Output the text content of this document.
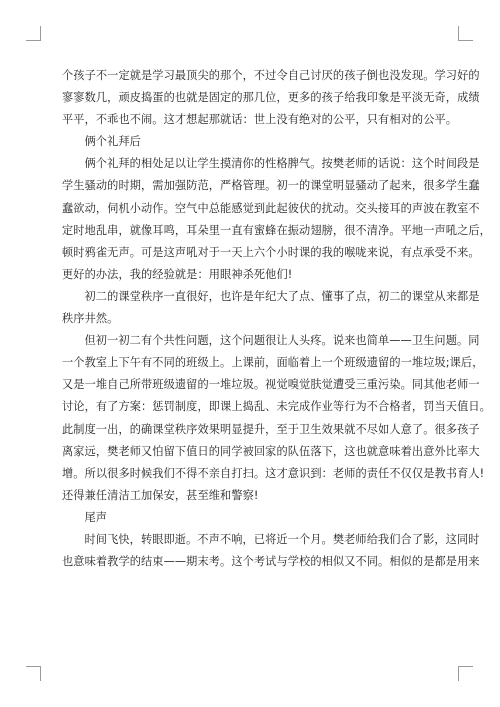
个孩子不一定就是学习最顶尖的那个，不过令自己讨厌的孩子倒也没发现。学习好的
寥寥数几，顽皮捣蛋的也就是固定的那几位，更多的孩子给我印象是平淡无奇，成绩
平平，不乖也不闹。这才想起那就话：世上没有绝对的公平，只有相对的公平。
俩个礼拜后
俩个礼拜的相处足以让学生摸清你的性格脾气。按樊老师的话说：这个时间段是
学生骚动的时期，需加强防范，严格管理。初一的课堂明显骚动了起来，很多学生蠢
蠢欲动，伺机小动作。空气中总能感觉到此起彼伏的扰动。交头接耳的声波在教室不
定时地乱串，就像耳鸣，耳朵里一直有蜜蜂在振动翅膀，很不清净。平地一声吼之后，
顿时鸦雀无声。可是这声吼对于一天上六个小时课的我的喉咙来说，有点承受不来。
更好的办法，我的经验就是：用眼神杀死他们!
初二的课堂秩序一直很好，也许是年纪大了点、懂事了点，初二的课堂从来都是
秩序井然。
但初一初二有个共性问题，这个问题很让人头疼。说来也简单——卫生问题。同
一个教室上下午有不同的班级上。上课前，面临着上一个班级遗留的一堆垃圾;课后，
又是一堆自己所带班级遗留的一堆垃圾。视觉嗅觉肤觉遭受三重污染。同其他老师一
讨论，有了方案：惩罚制度，即课上捣乱、未完成作业等行为不合格者，罚当天值日。
此制度一出，的确课堂秩序效果明显提升，至于卫生效果就不尽如人意了。很多孩子
离家远，樊老师又怕留下值日的同学被回家的队伍落下，这也就意味着出意外比率大
增。所以很多时候我们不得不亲自打扫。这才意识到：老师的责任不仅仅是教书育人!
还得兼任清洁工加保安，甚至维和警察!
尾声
时间飞快，转眼即逝。不声不响，已将近一个月。樊老师给我们合了影，这同时
也意味着教学的结束——期末考。这个考试与学校的相似又不同。相似的是都是用来
